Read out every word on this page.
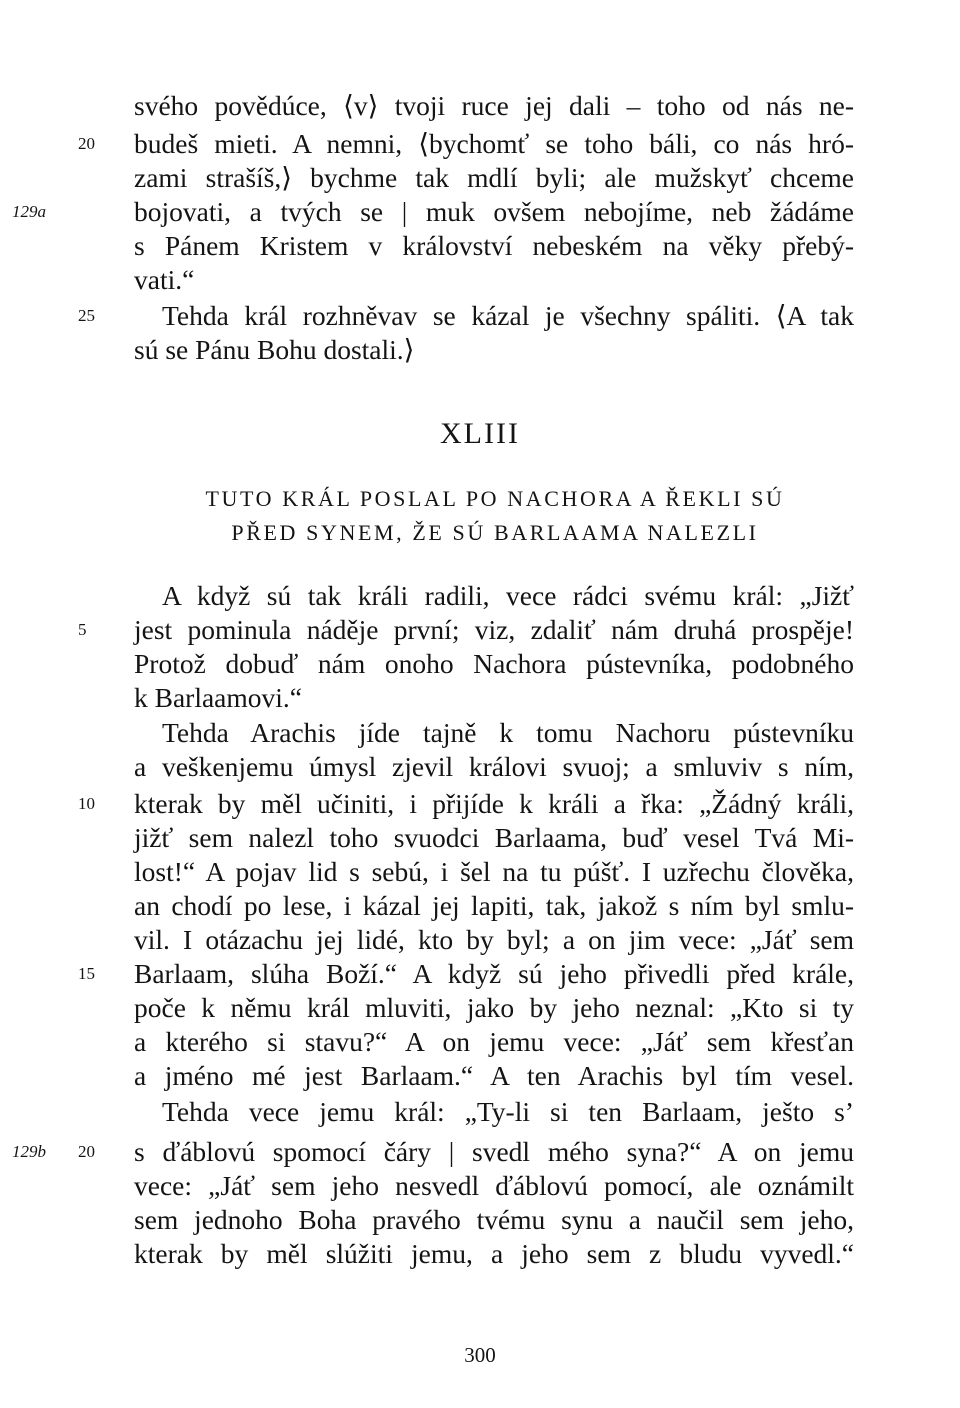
svého povědúce, ⟨v⟩ tvoji ruce jej dali – toho od nás ne-
20	budeš mieti. A nemni, ⟨bychomť se toho báli, co nás hró-
zami strašíš,⟩ bychme tak mdlí byli; ale mužskyť chceme
129a	bojovati, a tvých se | muk ovšem nebojíme, neb žádáme
s Pánem Kristem v království nebeském na věky přebý-
vati.“
25	Tehda král rozhněvav se kázal je všechny spáliti. ⟨A tak
sú se Pánu Bohu dostali.⟩
XLIII
TUTO KRÁL POSLAL PO NACHORA A ŘEKLI SÚ
PŘED SYNEM, ŽE SÚ BARLAAMA NALEZLI
A když sú tak králi radili, vece rádci svému král: „Jižť
5	jest pominula náděje první; viz, zdaliť nám druhá prospěje!
Protož dobuď nám onoho Nachora pústevníka, podobného
k Barlaamovi.“
Tehda Arachis jíde tajně k tomu Nachoru pústevníku
a veškenjemu úmysl zjevil královi svuoj; a smluviv s ním,
10	kterak by měl učiniti, i přijíde k králi a řka: „Žádný králi,
jižť sem nalezl toho svuodci Barlaama, buď vesel Tvá Mi-
lost!“ A pojav lid s sebú, i šel na tu púšť. I uzřechu člověka,
an chodí po lese, i kázal jej lapiti, tak, jakož s ním byl smlu-
vil. I otázachu jej lidé, kto by byl; a on jim vece: „Jáť sem
15	Barlaam, slúha Boží.“ A když sú jeho přivedli před krále,
poče k němu král mluviti, jako by jeho neznal: „Kto si ty
a kterého si stavu?“ A on jemu vece: „Jáť sem křesťan
a jméno mé jest Barlaam.“ A ten Arachis byl tím vesel.
Tehda vece jemu král: „Ty-li si ten Barlaam, ješto s’
129b	20	s ďáblovú spomocí čáry | svedl mého syna?“ A on jemu
vece: „Jáť sem jeho nesvedl ďáblovú pomocí, ale oznámilt
sem jednoho Boha pravého tvému synu a naučil sem jeho,
kterak by měl slúžiti jemu, a jeho sem z bludu vyvedl.“
300
